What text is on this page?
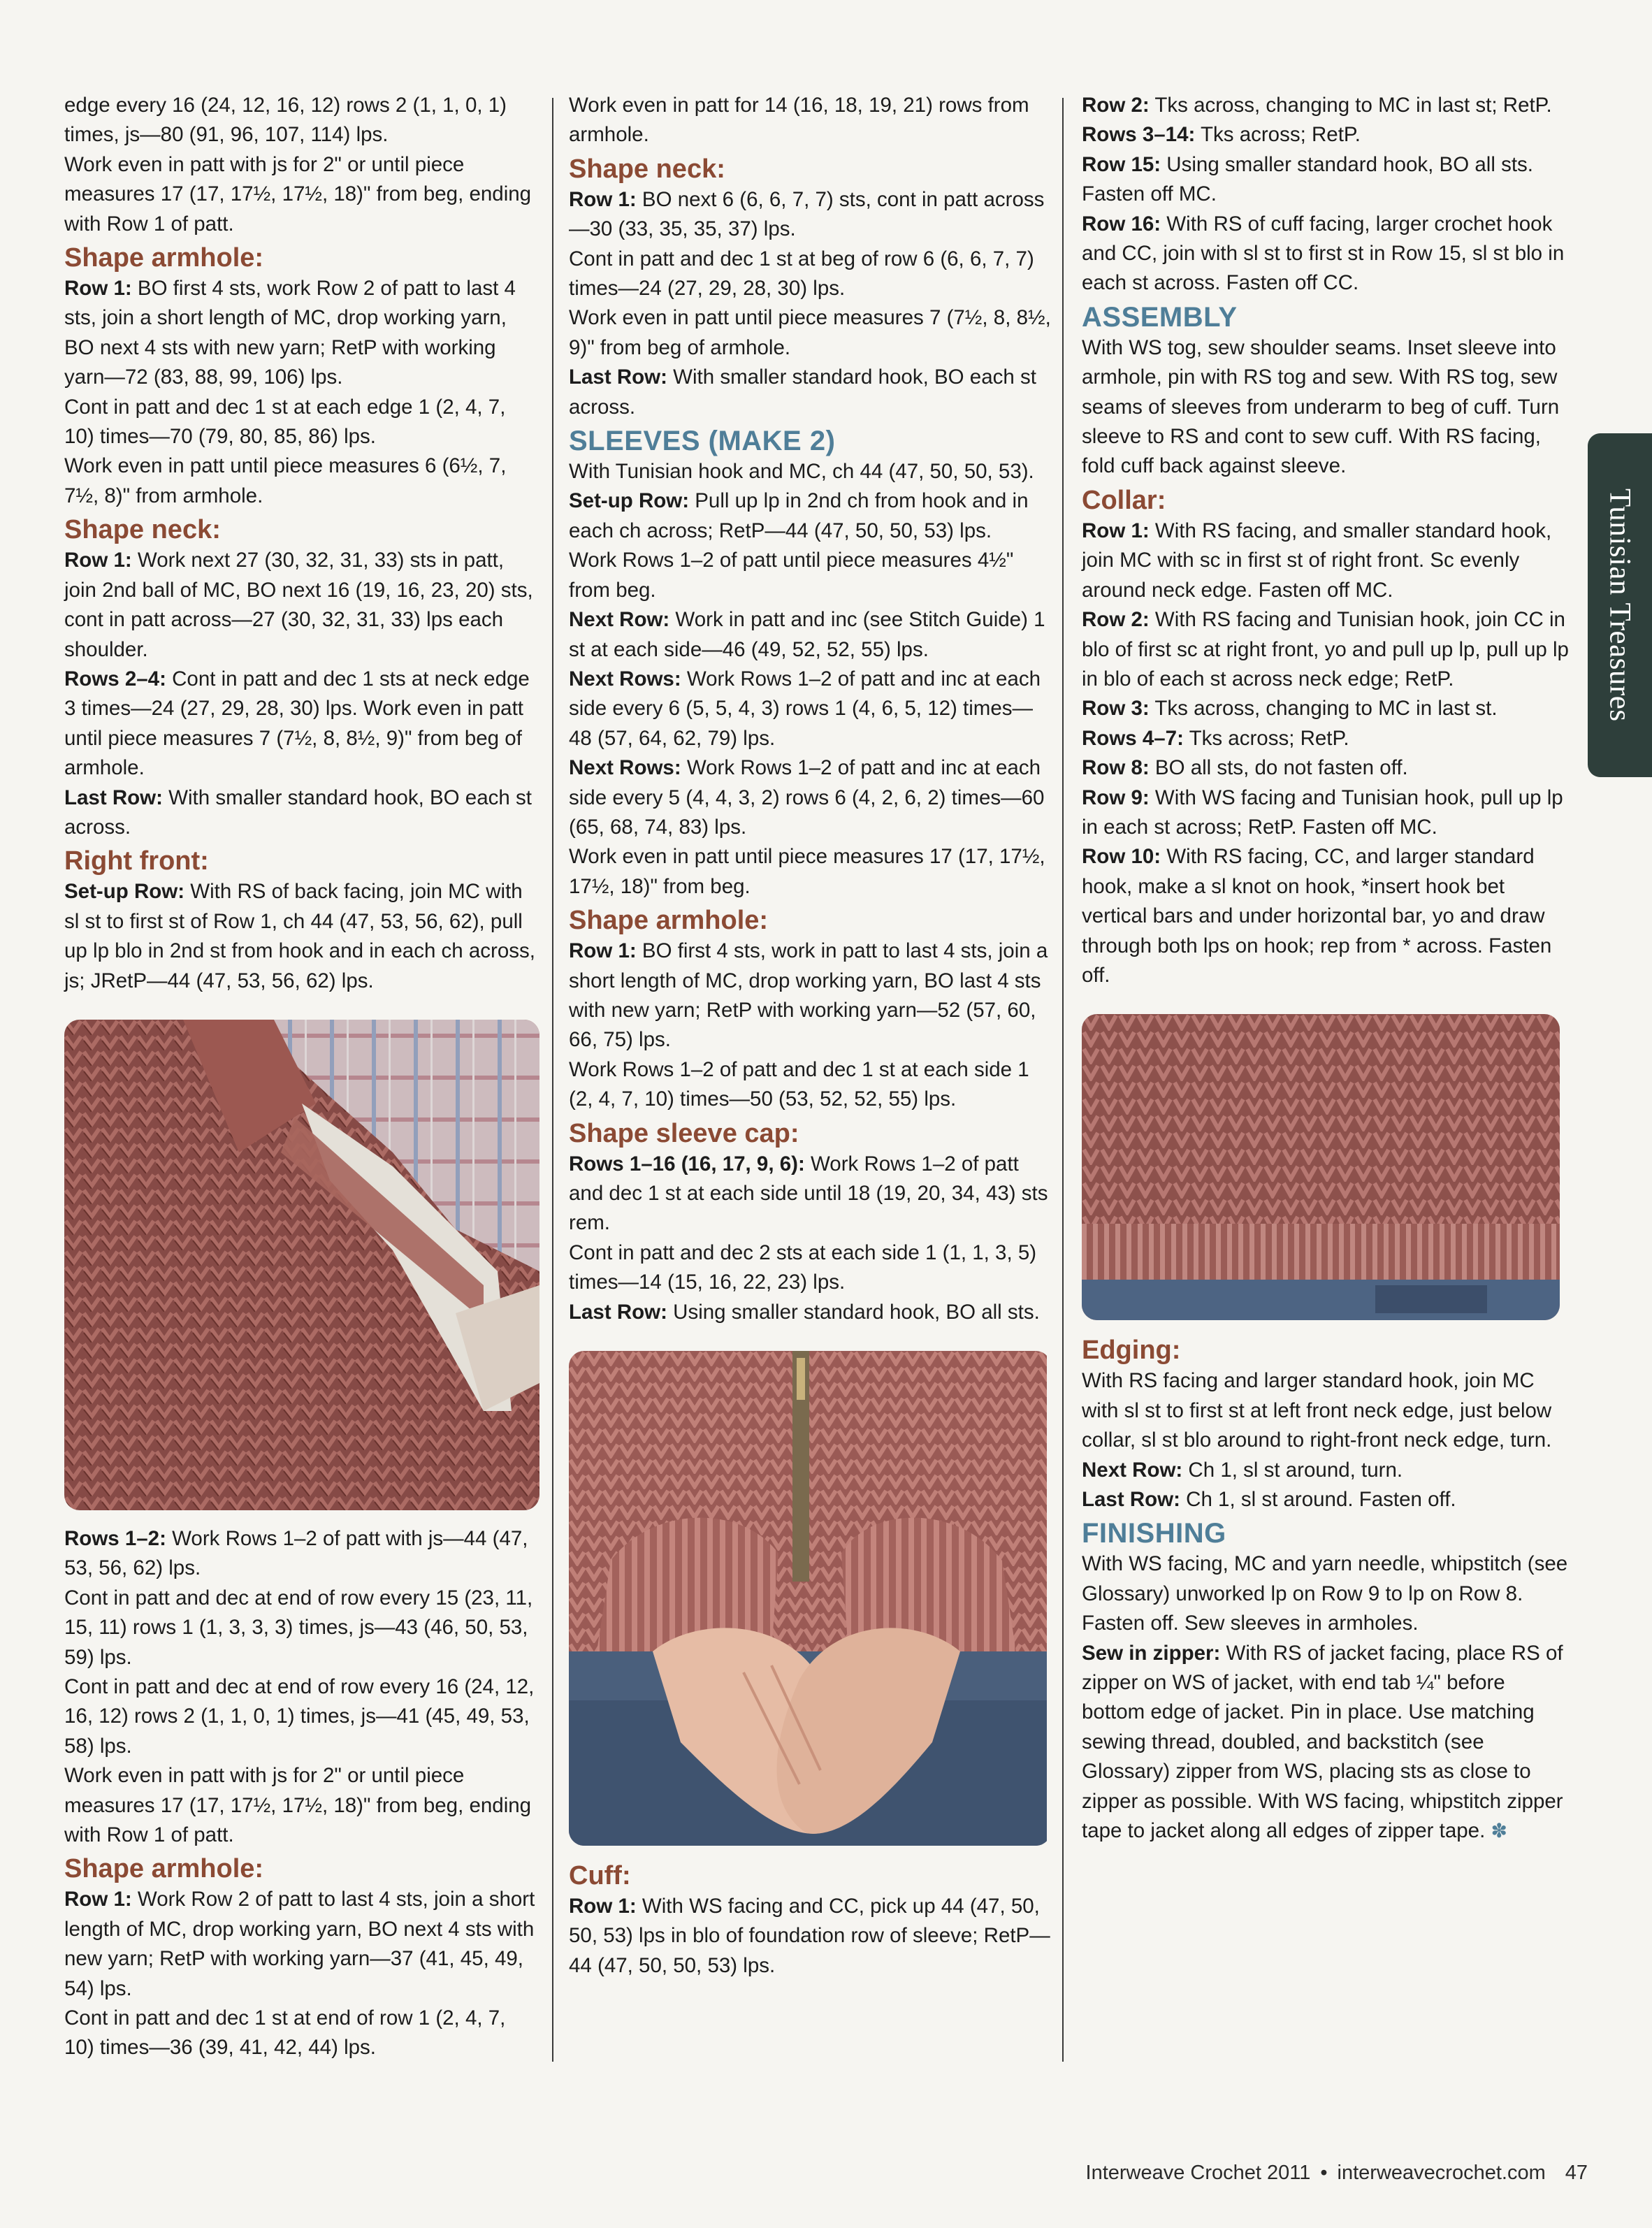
Tunisian Treasures

edge every 16 (24, 12, 16, 12) rows 2 (1, 1, 0, 1) times, js—80 (91, 96, 107, 114) lps.

Work even in patt with js for 2" or until piece measures 17 (17, 17½, 17½, 18)" from beg, ending with Row 1 of patt.

Shape armhole:

Row 1: BO first 4 sts, work Row 2 of patt to last 4 sts, join a short length of MC, drop working yarn, BO next 4 sts with new yarn; RetP with working yarn—72 (83, 88, 99, 106) lps.

Cont in patt and dec 1 st at each edge 1 (2, 4, 7, 10) times—70 (79, 80, 85, 86) lps.

Work even in patt until piece measures 6 (6½, 7, 7½, 8)" from armhole.

Shape neck:

Row 1: Work next 27 (30, 32, 31, 33) sts in patt, join 2nd ball of MC, BO next 16 (19, 16, 23, 20) sts, cont in patt across—27 (30, 32, 31, 33) lps each shoulder.

Rows 2–4: Cont in patt and dec 1 sts at neck edge 3 times—24 (27, 29, 28, 30) lps. Work even in patt until piece measures 7 (7½, 8, 8½, 9)" from beg of armhole.

Last Row: With smaller standard hook, BO each st across.

Right front:

Set-up Row: With RS of back facing, join MC with sl st to first st of Row 1, ch 44 (47, 53, 56, 62), pull up lp blo in 2nd st from hook and in each ch across, js; JRetP—44 (47, 53, 56, 62) lps.

Rows 1–2: Work Rows 1–2 of patt with js—44 (47, 53, 56, 62) lps.

Cont in patt and dec at end of row every 15 (23, 11, 15, 11) rows 1 (1, 3, 3, 3) times, js—43 (46, 50, 53, 59) lps.

Cont in patt and dec at end of row every 16 (24, 12, 16, 12) rows 2 (1, 1, 0, 1) times, js—41 (45, 49, 53, 58) lps.

Work even in patt with js for 2" or until piece measures 17 (17, 17½, 17½, 18)" from beg, ending with Row 1 of patt.

Shape armhole:

Row 1: Work Row 2 of patt to last 4 sts, join a short length of MC, drop working yarn, BO next 4 sts with new yarn; RetP with working yarn—37 (41, 45, 49, 54) lps.

Cont in patt and dec 1 st at end of row 1 (2, 4, 7, 10) times—36 (39, 41, 42, 44) lps.

Work even in patt for 14 (16, 18, 19, 21) rows from armhole.

Shape neck:

Row 1: BO next 6 (6, 6, 7, 7) sts, cont in patt across—30 (33, 35, 35, 37) lps.

Cont in patt and dec 1 st at beg of row 6 (6, 6, 7, 7) times—24 (27, 29, 28, 30) lps.

Work even in patt until piece measures 7 (7½, 8, 8½, 9)" from beg of armhole.

Last Row: With smaller standard hook, BO each st across.

SLEEVES (MAKE 2)

With Tunisian hook and MC, ch 44 (47, 50, 50, 53).

Set-up Row: Pull up lp in 2nd ch from hook and in each ch across; RetP—44 (47, 50, 50, 53) lps.

Work Rows 1–2 of patt until piece measures 4½" from beg.

Next Row: Work in patt and inc (see Stitch Guide) 1 st at each side—46 (49, 52, 52, 55) lps.

Next Rows: Work Rows 1–2 of patt and inc at each side every 6 (5, 5, 4, 3) rows 1 (4, 6, 5, 12) times—48 (57, 64, 62, 79) lps.

Next Rows: Work Rows 1–2 of patt and inc at each side every 5 (4, 4, 3, 2) rows 6 (4, 2, 6, 2) times—60 (65, 68, 74, 83) lps.

Work even in patt until piece measures 17 (17, 17½, 17½, 18)" from beg.

Shape armhole:

Row 1: BO first 4 sts, work in patt to last 4 sts, join a short length of MC, drop working yarn, BO last 4 sts with new yarn; RetP with working yarn—52 (57, 60, 66, 75) lps.

Work Rows 1–2 of patt and dec 1 st at each side 1 (2, 4, 7, 10) times—50 (53, 52, 52, 55) lps.

Shape sleeve cap:

Rows 1–16 (16, 17, 9, 6): Work Rows 1–2 of patt and dec 1 st at each side until 18 (19, 20, 34, 43) sts rem.

Cont in patt and dec 2 sts at each side 1 (1, 1, 3, 5) times—14 (15, 16, 22, 23) lps.

Last Row: Using smaller standard hook, BO all sts.

Cuff:

Row 1: With WS facing and CC, pick up 44 (47, 50, 50, 53) lps in blo of foundation row of sleeve; RetP—44 (47, 50, 50, 53) lps.

Row 2: Tks across, changing to MC in last st; RetP.

Rows 3–14: Tks across; RetP.

Row 15: Using smaller standard hook, BO all sts. Fasten off MC.

Row 16: With RS of cuff facing, larger crochet hook and CC, join with sl st to first st in Row 15, sl st blo in each st across. Fasten off CC.

ASSEMBLY

With WS tog, sew shoulder seams. Inset sleeve into armhole, pin with RS tog and sew. With RS tog, sew seams of sleeves from underarm to beg of cuff. Turn sleeve to RS and cont to sew cuff. With RS facing, fold cuff back against sleeve.

Collar:

Row 1: With RS facing, and smaller standard hook, join MC with sc in first st of right front. Sc evenly around neck edge. Fasten off MC.

Row 2: With RS facing and Tunisian hook, join CC in blo of first sc at right front, yo and pull up lp, pull up lp in blo of each st across neck edge; RetP.

Row 3: Tks across, changing to MC in last st.

Rows 4–7: Tks across; RetP.

Row 8: BO all sts, do not fasten off.

Row 9: With WS facing and Tunisian hook, pull up lp in each st across; RetP. Fasten off MC.

Row 10: With RS facing, CC, and larger standard hook, make a sl knot on hook, *insert hook bet vertical bars and under horizontal bar, yo and draw through both lps on hook; rep from * across. Fasten off.

Edging:

With RS facing and larger standard hook, join MC with sl st to first st at left front neck edge, just below collar, sl st blo around to right-front neck edge, turn.

Next Row: Ch 1, sl st around, turn.

Last Row: Ch 1, sl st around. Fasten off.

FINISHING

With WS facing, MC and yarn needle, whipstitch (see Glossary) unworked lp on Row 9 to lp on Row 8. Fasten off. Sew sleeves in armholes.

Sew in zipper: With RS of jacket facing, place RS of zipper on WS of jacket, with end tab ¼" before bottom edge of jacket. Pin in place. Use matching sewing thread, doubled, and backstitch (see Glossary) zipper from WS, placing sts as close to zipper as possible. With WS facing, whipstitch zipper tape to jacket along all edges of zipper tape. ✽

Interweave Crochet 2011 • interweavecrochet.com 47
